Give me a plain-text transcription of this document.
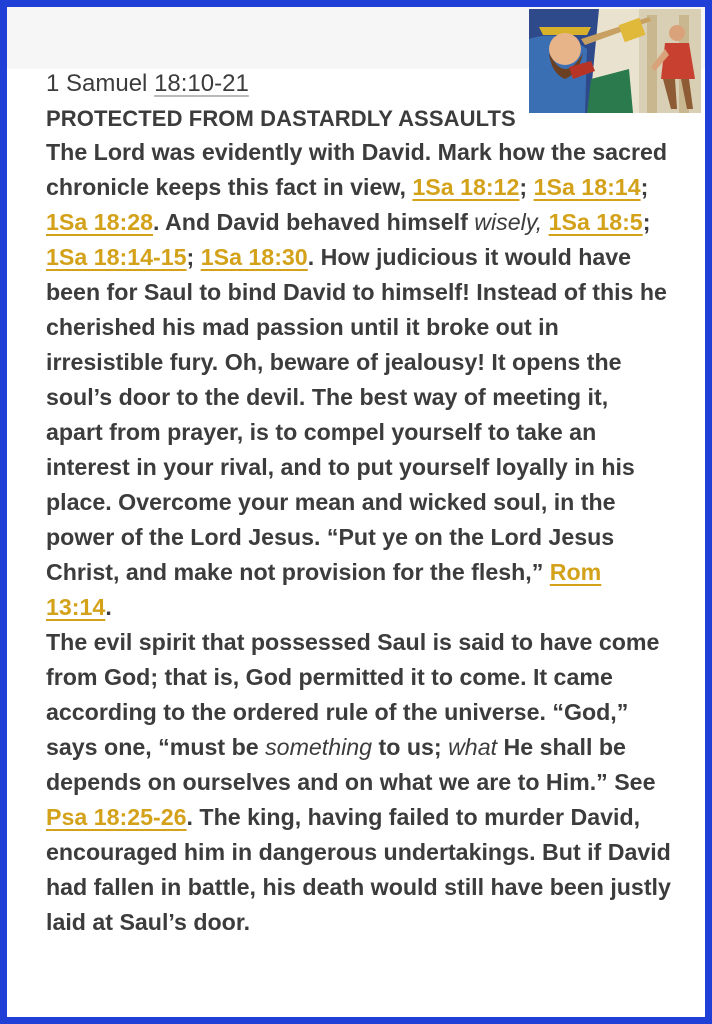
1 Samuel 18:10-21

PROTECTED FROM DASTARDLY ASSAULTS

The Lord was evidently with David. Mark how the sacred chronicle keeps this fact in view, 1Sa 18:12; 1Sa 18:14; 1Sa 18:28. And David behaved himself wisely, 1Sa 18:5; 1Sa 18:14-15; 1Sa 18:30. How judicious it would have been for Saul to bind David to himself! Instead of this he cherished his mad passion until it broke out in irresistible fury. Oh, beware of jealousy! It opens the soul’s door to the devil. The best way of meeting it, apart from prayer, is to compel yourself to take an interest in your rival, and to put yourself loyally in his place. Overcome your mean and wicked soul, in the power of the Lord Jesus. “Put ye on the Lord Jesus Christ, and make not provision for the flesh,” Rom 13:14.

The evil spirit that possessed Saul is said to have come from God; that is, God permitted it to come. It came according to the ordered rule of the universe. “God,” says one, “must be something to us; what He shall be depends on ourselves and on what we are to Him.” See Psa 18:25-26. The king, having failed to murder David, encouraged him in dangerous undertakings. But if David had fallen in battle, his death would still have been justly laid at Saul’s door.
